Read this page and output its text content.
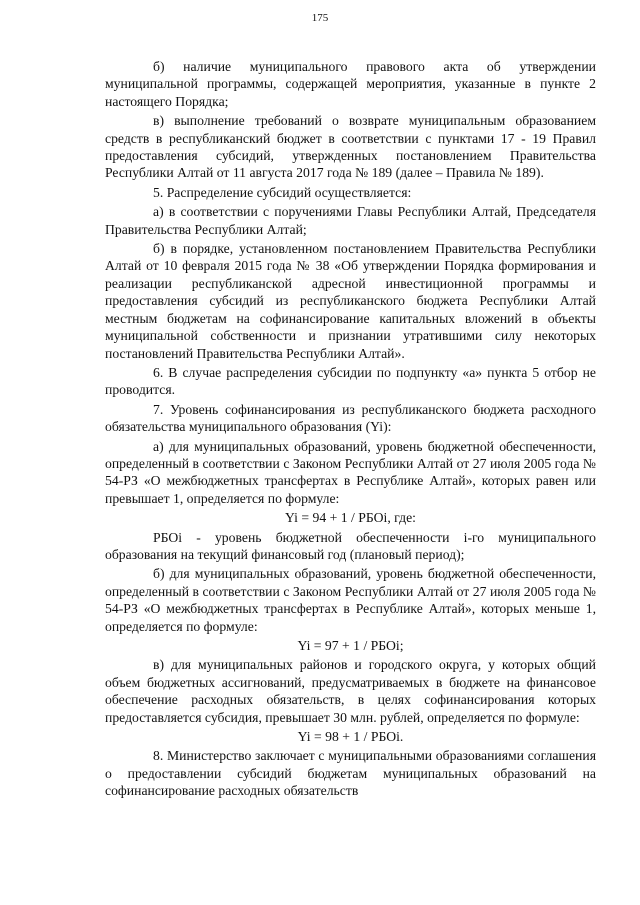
175

б) наличие муниципального правового акта об утверждении муниципальной программы, содержащей мероприятия, указанные в пункте 2 настоящего Порядка;

в) выполнение требований о возврате муниципальным образованием средств в республиканский бюджет в соответствии с пунктами 17 - 19 Правил предоставления субсидий, утвержденных постановлением Правительства Республики Алтай от 11 августа 2017 года № 189 (далее – Правила № 189).

5. Распределение субсидий осуществляется:

а) в соответствии с поручениями Главы Республики Алтай, Председателя Правительства Республики Алтай;

б) в порядке, установленном постановлением Правительства Республики Алтай от 10 февраля 2015 года № 38 «Об утверждении Порядка формирования и реализации республиканской адресной инвестиционной программы и предоставления субсидий из республиканского бюджета Республики Алтай местным бюджетам на софинансирование капитальных вложений в объекты муниципальной собственности и признании утратившими силу некоторых постановлений Правительства Республики Алтай».

6. В случае распределения субсидии по подпункту «а» пункта 5 отбор не проводится.

7. Уровень софинансирования из республиканского бюджета расходного обязательства муниципального образования (Yi):

а) для муниципальных образований, уровень бюджетной обеспеченности, определенный в соответствии с Законом Республики Алтай от 27 июля 2005 года № 54-РЗ «О межбюджетных трансфертах в Республике Алтай», которых равен или превышает 1, определяется по формуле:

Yi = 94 + 1 / РБОi, где:

РБОi - уровень бюджетной обеспеченности i-го муниципального образования на текущий финансовый год (плановый период);

б) для муниципальных образований, уровень бюджетной обеспеченности, определенный в соответствии с Законом Республики Алтай от 27 июля 2005 года № 54-РЗ «О межбюджетных трансфертах в Республике Алтай», которых меньше 1, определяется по формуле:

Yi = 97 + 1 / РБОi;

в) для муниципальных районов и городского округа, у которых общий объем бюджетных ассигнований, предусматриваемых в бюджете на финансовое обеспечение расходных обязательств, в целях софинансирования которых предоставляется субсидия, превышает 30 млн. рублей, определяется по формуле:

Yi = 98 + 1 / РБОi.

8. Министерство заключает с муниципальными образованиями соглашения о предоставлении субсидий бюджетам муниципальных образований на софинансирование расходных обязательств
